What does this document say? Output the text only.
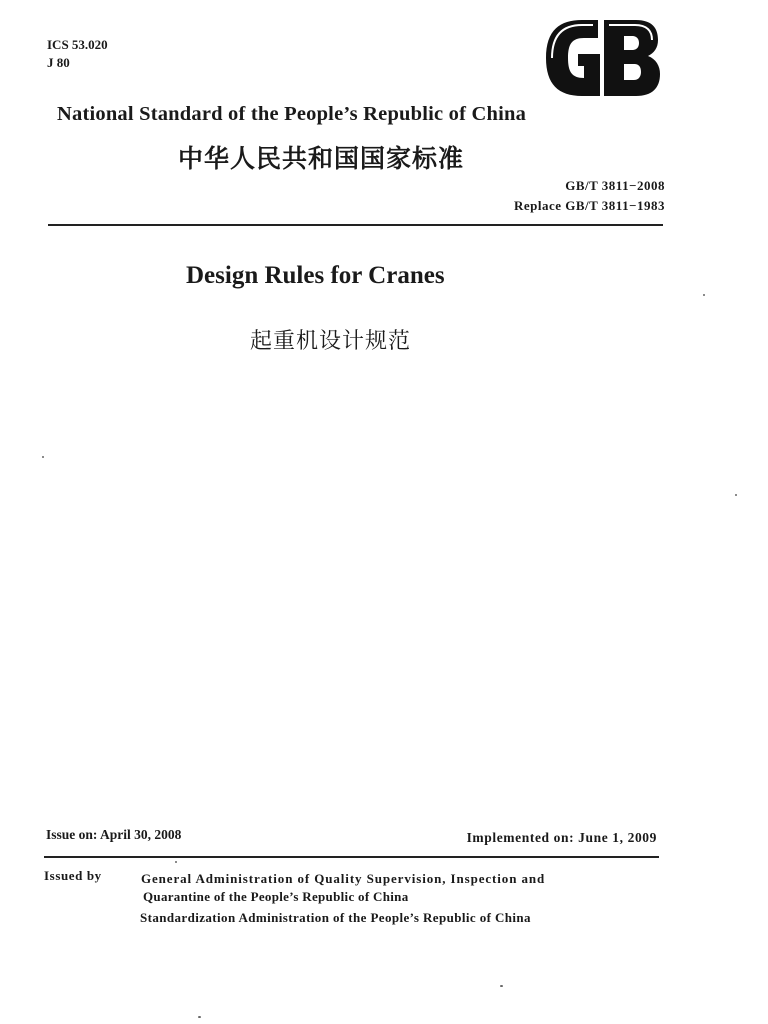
ICS 53.020
J 80
National Standard of the People’s Republic of China
中华人民共和国国家标准
GB/T 3811−2008
Replace GB/T 3811−1983
Design Rules for Cranes
起重机设计规范
Issue on: April 30, 2008	Implemented on: June 1, 2009
Issued by	General Administration of Quality Supervision, Inspection and
Quarantine of the People’s Republic of China
Standardization Administration of the People’s Republic of China
